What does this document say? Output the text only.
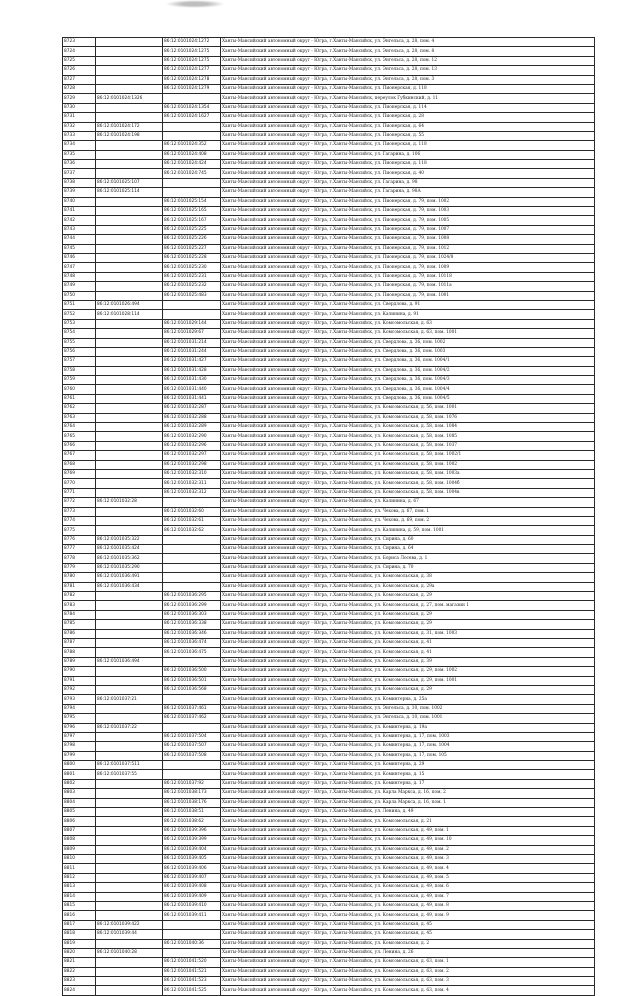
8723		86:12:0101024:1272	Ханты-Мансийский автономный округ - Югра, г.Ханты-Мансийск, ул. Энгельса, д. 28, пом. 4
8724		86:12:0101024:1275	Ханты-Мансийский автономный округ - Югра, г.Ханты-Мансийск, ул. Энгельса, д. 28, пом. 8
8725		86:12:0101024:1275	Ханты-Мансийский автономный округ - Югра, г.Ханты-Мансийск, ул. Энгельса, д. 28, пом. 12
8726		86:12:0101024:1277	Ханты-Мансийский автономный округ - Югра, г.Ханты-Мансийск, ул. Энгельса, д. 28, пом. 13
8727		86:12:0101024:1278	Ханты-Мансийский автономный округ - Югра, г.Ханты-Мансийск, ул. Энгельса, д. 28, пом. 3
8728		86:12:0101024:1279	Ханты-Мансийский автономный округ - Югра, г.Ханты-Мансийск, ул. Пионерская, д. 118
8729	86:12:0101024:1326		Ханты-Мансийский автономный округ - Югра, г.Ханты-Мансийск, переулок Губкинский, д. 11
8730		86:12:0101024:1354	Ханты-Мансийский автономный округ - Югра, г.Ханты-Мансийск, ул. Пионерская, д. 114
8731		86:12:0101024:1627	Ханты-Мансийский автономный округ - Югра, г.Ханты-Мансийск, ул. Пионерская, д. 28
8732	86:12:0101024:172		Ханты-Мансийский автономный округ - Югра, г.Ханты-Мансийск, ул. Пионерская, д. 64
8733	86:12:0101024:198		Ханты-Мансийский автономный округ - Югра, г.Ханты-Мансийск, ул. Пионерская, д. 55
8734		86:12:0101024:352	Ханты-Мансийский автономный округ - Югра, г.Ханты-Мансийск, ул. Пионерская, д. 118
8735		86:12:0101024:408	Ханты-Мансийский автономный округ - Югра, г.Ханты-Мансийск, ул. Гагарина, д. 106
8736		86:12:0101024:424	Ханты-Мансийский автономный округ - Югра, г.Ханты-Мансийск, ул. Пионерская, д. 118
8737		86:12:0101024:745	Ханты-Мансийский автономный округ - Югра, г.Ханты-Мансийск, ул. Пионерская, д. 40
8738	86:12:0101025:107		Ханты-Мансийский автономный округ - Югра, г.Ханты-Мансийск, ул. Гагарина, д. 98
8739	86:12:0101025:114		Ханты-Мансийский автономный округ - Югра, г.Ханты-Мансийск, ул. Гагарина, д. 98А
8740		86:12:0101025:154	Ханты-Мансийский автономный округ - Югра, г.Ханты-Мансийск, ул. Пионерская, д. 79, пом. 1002
8741		86:12:0101025:165	Ханты-Мансийский автономный округ - Югра, г.Ханты-Мансийск, ул. Пионерская, д. 79, пом. 1003
8742		86:12:0101025:167	Ханты-Мансийский автономный округ - Югра, г.Ханты-Мансийск, ул. Пионерская, д. 79, пом. 1005
8743		86:12:0101025:225	Ханты-Мансийский автономный округ - Югра, г.Ханты-Мансийск, ул. Пионерская, д. 79, пом. 1007
8744		86:12:0101025:226	Ханты-Мансийский автономный округ - Югра, г.Ханты-Мансийск, ул. Пионерская, д. 79, пом. 1008
8745		86:12:0101025:227	Ханты-Мансийский автономный округ - Югра, г.Ханты-Мансийск, ул. Пионерская, д. 79, пом. 1012
8746		86:12:0101025:228	Ханты-Мансийский автономный округ - Югра, г.Ханты-Мансийск, ул. Пионерская, д. 79, пом. 1024/8
8747		86:12:0101025:230	Ханты-Мансийский автономный округ - Югра, г.Ханты-Мансийск, ул. Пионерская, д. 79, пом. 1009
8748		86:12:0101025:231	Ханты-Мансийский автономный округ - Югра, г.Ханты-Мансийск, ул. Пионерская, д. 79, пом. 10118
8749		86:12:0101025:232	Ханты-Мансийский автономный округ - Югра, г.Ханты-Мансийск, ул. Пионерская, д. 79, пом. 1011а
8750		86:12:0101025:483	Ханты-Мансийский автономный округ - Югра, г.Ханты-Мансийск, ул. Пионерская, д. 79, пом. 1001
8751	86:12:0101026:494		Ханты-Мансийский автономный округ - Югра, г.Ханты-Мансийск, ул. Свердлова, д. 91
8752	86:12:0101028:114		Ханты-Мансийский автономный округ - Югра, г.Ханты-Мансийск, ул. Калинина, д. 91
8753		86:12:0101029:144	Ханты-Мансийский автономный округ - Югра, г.Ханты-Мансийск, ул. Комсомольская, д. 63
8754		86:12:0101029:67	Ханты-Мансийский автономный округ - Югра, г.Ханты-Мансийск, ул. Комсомольская, д. 63, пом. 1001
8755		86:12:0101031:214	Ханты-Мансийский автономный округ - Югра, г.Ханты-Мансийск, ул. Свердлова, д. 36, пом. 1002
8756		86:12:0101031:244	Ханты-Мансийский автономный округ - Югра, г.Ханты-Мансийск, ул. Свердлова, д. 36, пом. 1003
8757		86:12:0101031:427	Ханты-Мансийский автономный округ - Югра, г.Ханты-Мансийск, ул. Свердлова, д. 36, пом. 1004/1
8758		86:12:0101031:428	Ханты-Мансийский автономный округ - Югра, г.Ханты-Мансийск, ул. Свердлова, д. 36, пом. 1004/2
8759		86:12:0101031:430	Ханты-Мансийский автономный округ - Югра, г.Ханты-Мансийск, ул. Свердлова, д. 36, пом. 1004/3
8760		86:12:0101031:440	Ханты-Мансийский автономный округ - Югра, г.Ханты-Мансийск, ул. Свердлова, д. 36, пом. 1004/4
8761		86:12:0101031:441	Ханты-Мансийский автономный округ - Югра, г.Ханты-Мансийск, ул. Свердлова, д. 36, пом. 1004/5
8762		86:12:0101032:287	Ханты-Мансийский автономный округ - Югра, г.Ханты-Мансийск, ул. Комсомольская, д. 56, пом. 1001
8763		86:12:0101032:288	Ханты-Мансийский автономный округ - Югра, г.Ханты-Мансийск, ул. Комсомольская, д. 58, пом. 1076
8764		86:12:0101032:289	Ханты-Мансийский автономный округ - Югра, г.Ханты-Мансийск, ул. Комсомольская, д. 58, пом. 1084
8765		86:12:0101032:290	Ханты-Мансийский автономный округ - Югра, г.Ханты-Мансийск, ул. Комсомольская, д. 58, пом. 1085
8766		86:12:0101032:296	Ханты-Мансийский автономный округ - Югра, г.Ханты-Мансийск, ул. Комсомольская, д. 58, пом. 1037
8767		86:12:0101032:297	Ханты-Мансийский автономный округ - Югра, г.Ханты-Мансийск, ул. Комсомольская, д. 58, пом. 1002/1
8768		86:12:0101032:298	Ханты-Мансийский автономный округ - Югра, г.Ханты-Мансийск, ул. Комсомольская, д. 58, пом. 1002
8769		86:12:0101032:310	Ханты-Мансийский автономный округ - Югра, г.Ханты-Мансийск, ул. Комсомольская, д. 58, пом. 1003а
8770		86:12:0101032:311	Ханты-Мансийский автономный округ - Югра, г.Ханты-Мансийск, ул. Комсомольская, д. 58, пом. 1004б
8771		86:12:0101032:312	Ханты-Мансийский автономный округ - Югра, г.Ханты-Мансийск, ул. Комсомольская, д. 58, пом. 1004в
8772	86:12:0101032:28		Ханты-Мансийский автономный округ - Югра, г.Ханты-Мансийск, ул. Калинина, д. 67
8773		86:12:0101032:60	Ханты-Мансийский автономный округ - Югра, г.Ханты-Мансийск, ул. Чехова, д. 67, пом. 1
8774		86:12:0101032:61	Ханты-Мансийский автономный округ - Югра, г.Ханты-Мансийск, ул. Чехова, д. 69, пом. 2
8775		86:12:0101032:62	Ханты-Мансийский автономный округ - Югра, г.Ханты-Мансийск, ул. Калинина, д. 59, пом. 1001
8776	86:12:0101035:322		Ханты-Мансийский автономный округ - Югра, г.Ханты-Мансийск, ул. Сирина, д. 60
8777	86:12:0101035:424		Ханты-Мансийский автономный округ - Югра, г.Ханты-Мансийск, ул. Сирина, д. 64
8778	86:12:0101035:362		Ханты-Мансийский автономный округ - Югра, г.Ханты-Мансийск, ул. Бориса Лосева, д. 1
8779	86:12:0101035:290		Ханты-Мансийский автономный округ - Югра, г.Ханты-Мансийск, ул. Сирина, д. 70
8780	86:12:0101036:491		Ханты-Мансийский автономный округ - Югра, г.Ханты-Мансийск, ул. Комсомольская, д. 38
8781	86:12:0101036:434		Ханты-Мансийский автономный округ - Югра, г.Ханты-Мансийск, ул. Комсомольская, д. 29а
8782		86:12:0101036:295	Ханты-Мансийский автономный округ - Югра, г.Ханты-Мансийск, ул. Комсомольская, д. 29
8783		86:12:0101036:299	Ханты-Мансийский автономный округ - Югра, г.Ханты-Мансийск, ул. Комсомольская, д. 27, пом. магазин 1
8784		86:12:0101036:303	Ханты-Мансийский автономный округ - Югра, г.Ханты-Мансийск, ул. Комсомольская, д. 29
8785		86:12:0101036:338	Ханты-Мансийский автономный округ - Югра, г.Ханты-Мансийск, ул. Комсомольская, д. 29
8786		86:12:0101036:346	Ханты-Мансийский автономный округ - Югра, г.Ханты-Мансийск, ул. Комсомольская, д. 31, пом. 1003
8787		86:12:0101036:474	Ханты-Мансийский автономный округ - Югра, г.Ханты-Мансийск, ул. Комсомольская, д. 41
8788		86:12:0101036:475	Ханты-Мансийский автономный округ - Югра, г.Ханты-Мансийск, ул. Комсомольская, д. 41
8789	86:12:0101036:494		Ханты-Мансийский автономный округ - Югра, г.Ханты-Мансийск, ул. Комсомольская, д. 39
8790		86:12:0101036:500	Ханты-Мансийский автономный округ - Югра, г.Ханты-Мансийск, ул. Комсомольская, д. 29, пом. 1002
8791		86:12:0101036:501	Ханты-Мансийский автономный округ - Югра, г.Ханты-Мансийск, ул. Комсомольская, д. 29, пом. 1001
8792		86:12:0101036:568	Ханты-Мансийский автономный округ - Югра, г.Ханты-Мансийск, ул. Комсомольская, д. 29
8793	86:12:0101037:21		Ханты-Мансийский автономный округ - Югра, г.Ханты-Мансийск, ул. Коминтерна, д. 25а
8794		86:12:0101037:461	Ханты-Мансийский автономный округ - Югра, г.Ханты-Мансийск, ул. Энгельса, д. 10, пом. 1002
8795		86:12:0101037:462	Ханты-Мансийский автономный округ - Югра, г.Ханты-Мансийск, ул. Энгельса, д. 10, пом. 1001
8796	86:12:0101037:22		Ханты-Мансийский автономный округ - Югра, г.Ханты-Мансийск, ул. Коминтерна, д. 19а
8797		86:12:0101037:504	Ханты-Мансийский автономный округ - Югра, г.Ханты-Мансийск, ул. Коминтерна, д. 17, пом. 1003
8798		86:12:0101037:507	Ханты-Мансийский автономный округ - Югра, г.Ханты-Мансийск, ул. Коминтерна, д. 17, пом. 1004
8799		86:12:0101037:508	Ханты-Мансийский автономный округ - Югра, г.Ханты-Мансийск, ул. Коминтерна, д. 17, пом. 105
8800	86:12:0101037:511		Ханты-Мансийский автономный округ - Югра, г.Ханты-Мансийск, ул. Коминтерна, д. 29
8801	86:12:0101037:55		Ханты-Мансийский автономный округ - Югра, г.Ханты-Мансийск, ул. Коминтерна, д. 15
8802		86:12:0101037:92	Ханты-Мансийский автономный округ - Югра, г.Ханты-Мансийск, ул. Коминтерна, д. 17
8803		86:12:0101038:173	Ханты-Мансийский автономный округ - Югра, г.Ханты-Мансийск, ул. Карла Маркса, д. 16, пом. 2
8804		86:12:0101038:176	Ханты-Мансийский автономный округ - Югра, г.Ханты-Мансийск, ул. Карла Маркса, д. 16, пом. 1
8805		86:12:0101038:51	Ханты-Мансийский автономный округ - Югра, г.Ханты-Мансийск, ул. Ленина, д. 49
8806		86:12:0101038:62	Ханты-Мансийский автономный округ - Югра, г.Ханты-Мансийск, ул. Комсомольская, д. 21
8807		86:12:0101039:396	Ханты-Мансийский автономный округ - Югра, г.Ханты-Мансийск, ул. Комсомольская, д. 49, пом. 1
8808		86:12:0101039:399	Ханты-Мансийский автономный округ - Югра, г.Ханты-Мансийск, ул. Комсомольская, д. 49, пом. 10
8809		86:12:0101039:404	Ханты-Мансийский автономный округ - Югра, г.Ханты-Мансийск, ул. Комсомольская, д. 49, пом. 2
8810		86:12:0101039:405	Ханты-Мансийский автономный округ - Югра, г.Ханты-Мансийск, ул. Комсомольская, д. 49, пом. 3
8811		86:12:0101039:406	Ханты-Мансийский автономный округ - Югра, г.Ханты-Мансийск, ул. Комсомольская, д. 49, пом. 4
8812		86:12:0101039:407	Ханты-Мансийский автономный округ - Югра, г.Ханты-Мансийск, ул. Комсомольская, д. 49, пом. 5
8813		86:12:0101039:408	Ханты-Мансийский автономный округ - Югра, г.Ханты-Мансийск, ул. Комсомольская, д. 49, пом. 6
8814		86:12:0101039:409	Ханты-Мансийский автономный округ - Югра, г.Ханты-Мансийск, ул. Комсомольская, д. 49, пом. 7
8815		86:12:0101039:410	Ханты-Мансийский автономный округ - Югра, г.Ханты-Мансийск, ул. Комсомольская, д. 49, пом. 8
8816		86:12:0101039:411	Ханты-Мансийский автономный округ - Югра, г.Ханты-Мансийск, ул. Комсомольская, д. 49, пом. 9
8817	86:12:0101039:422		Ханты-Мансийский автономный округ - Югра, г.Ханты-Мансийск, ул. Комсомольская, д. 45
8818	86:12:0101039:44		Ханты-Мансийский автономный округ - Югра, г.Ханты-Мансийск, ул. Комсомольская, д. 45
8819		86:12:0101040:36	Ханты-Мансийский автономный округ - Югра, г.Ханты-Мансийск, ул. Комсомольская, д. 2
8820	86:12:0101040:28		Ханты-Мансийский автономный округ - Югра, г.Ханты-Мансийск, ул. Ленина, д. 26
8821		86:12:0101041:520	Ханты-Мансийский автономный округ - Югра, г.Ханты-Мансийск, ул. Комсомольская, д. 63, пом. 1
8822		86:12:0101041:521	Ханты-Мансийский автономный округ - Югра, г.Ханты-Мансийск, ул. Комсомольская, д. 63, пом. 2
8823		86:12:0101041:523	Ханты-Мансийский автономный округ - Югра, г.Ханты-Мансийск, ул. Комсомольская, д. 63, пом. 3
8824		86:12:0101041:525	Ханты-Мансийский автономный округ - Югра, г.Ханты-Мансийск, ул. Комсомольская, д. 63, пом. 4
